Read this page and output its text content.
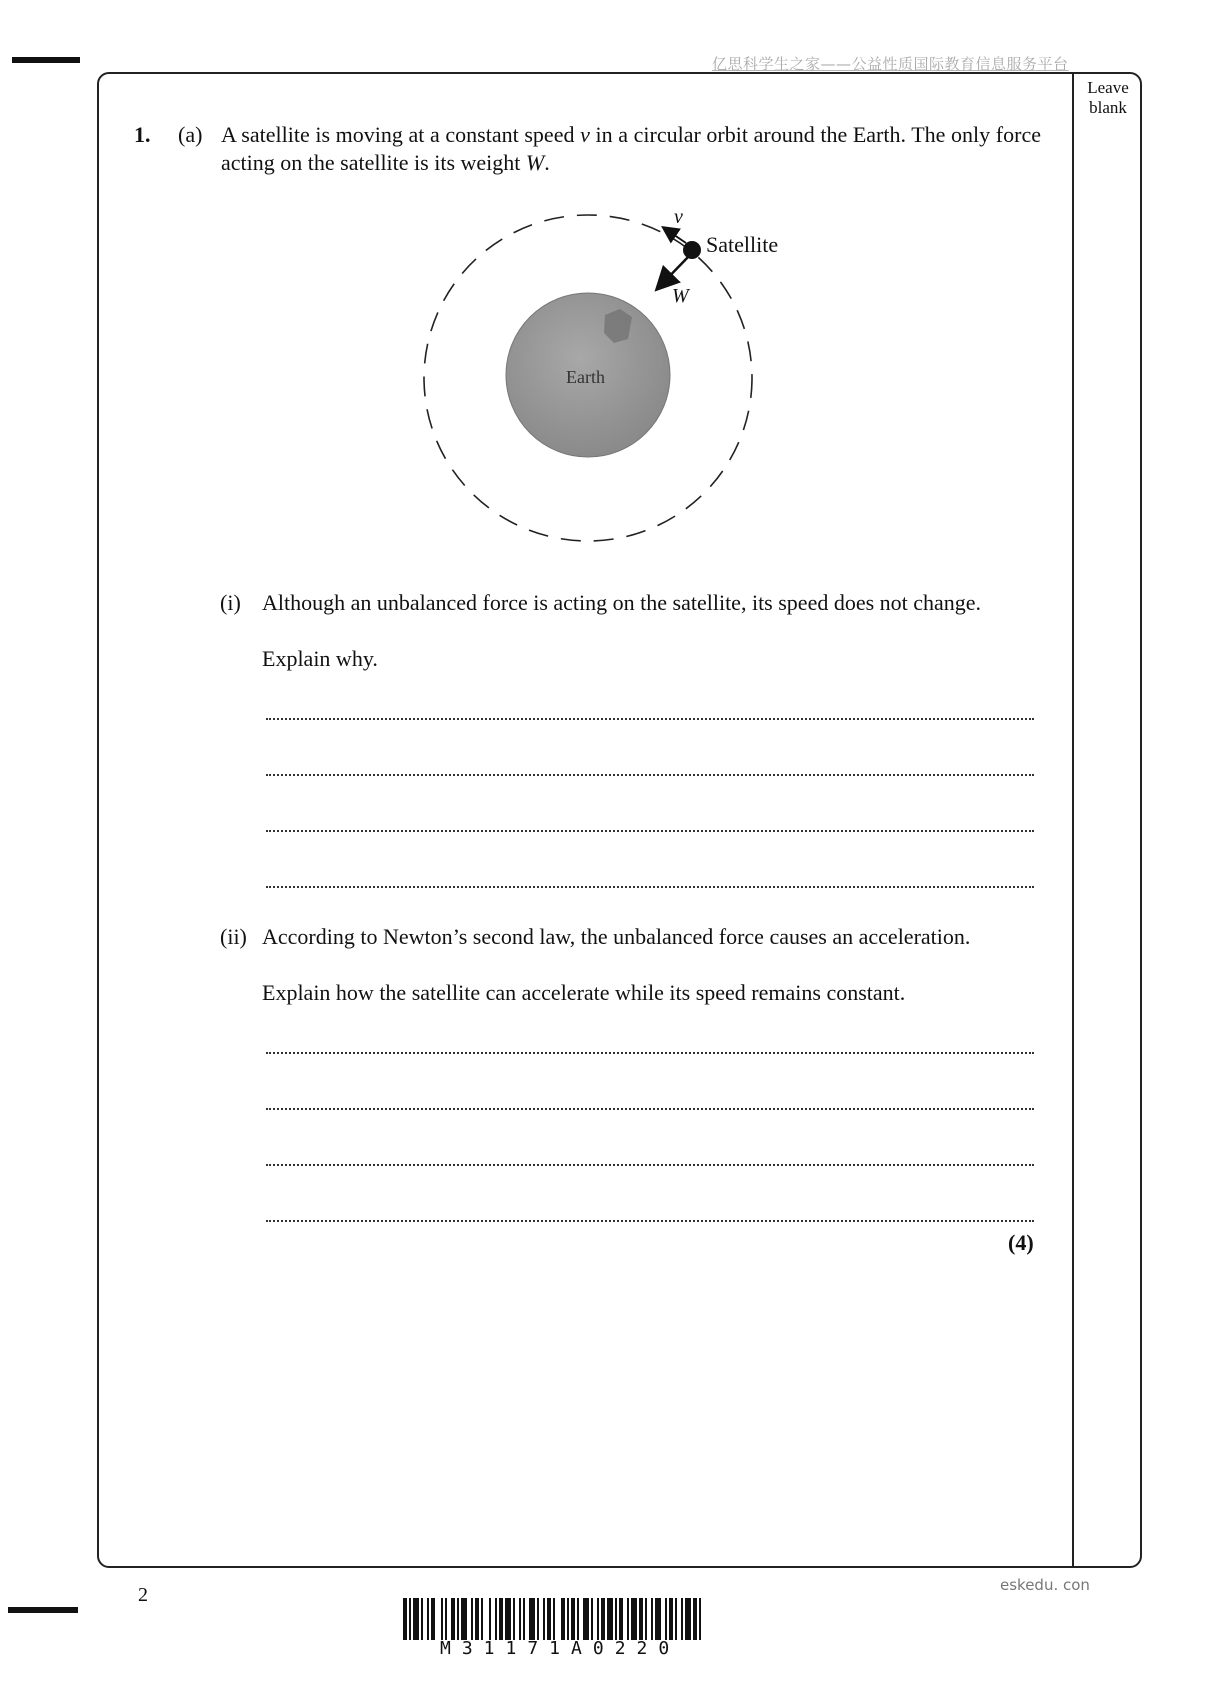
亿思科学生之家——公益性质国际教育信息服务平台
Leave
blank
1. (a) A satellite is moving at a constant speed v in a circular orbit around the Earth. The only force acting on the satellite is its weight W.
Earth
v
W
Satellite
(i) Although an unbalanced force is acting on the satellite, its speed does not change.
Explain why.
(ii) According to Newton’s second law, the unbalanced force causes an acceleration.
Explain how the satellite can accelerate while its speed remains constant.
(4)
2	eskedu. con
M31171A0220
